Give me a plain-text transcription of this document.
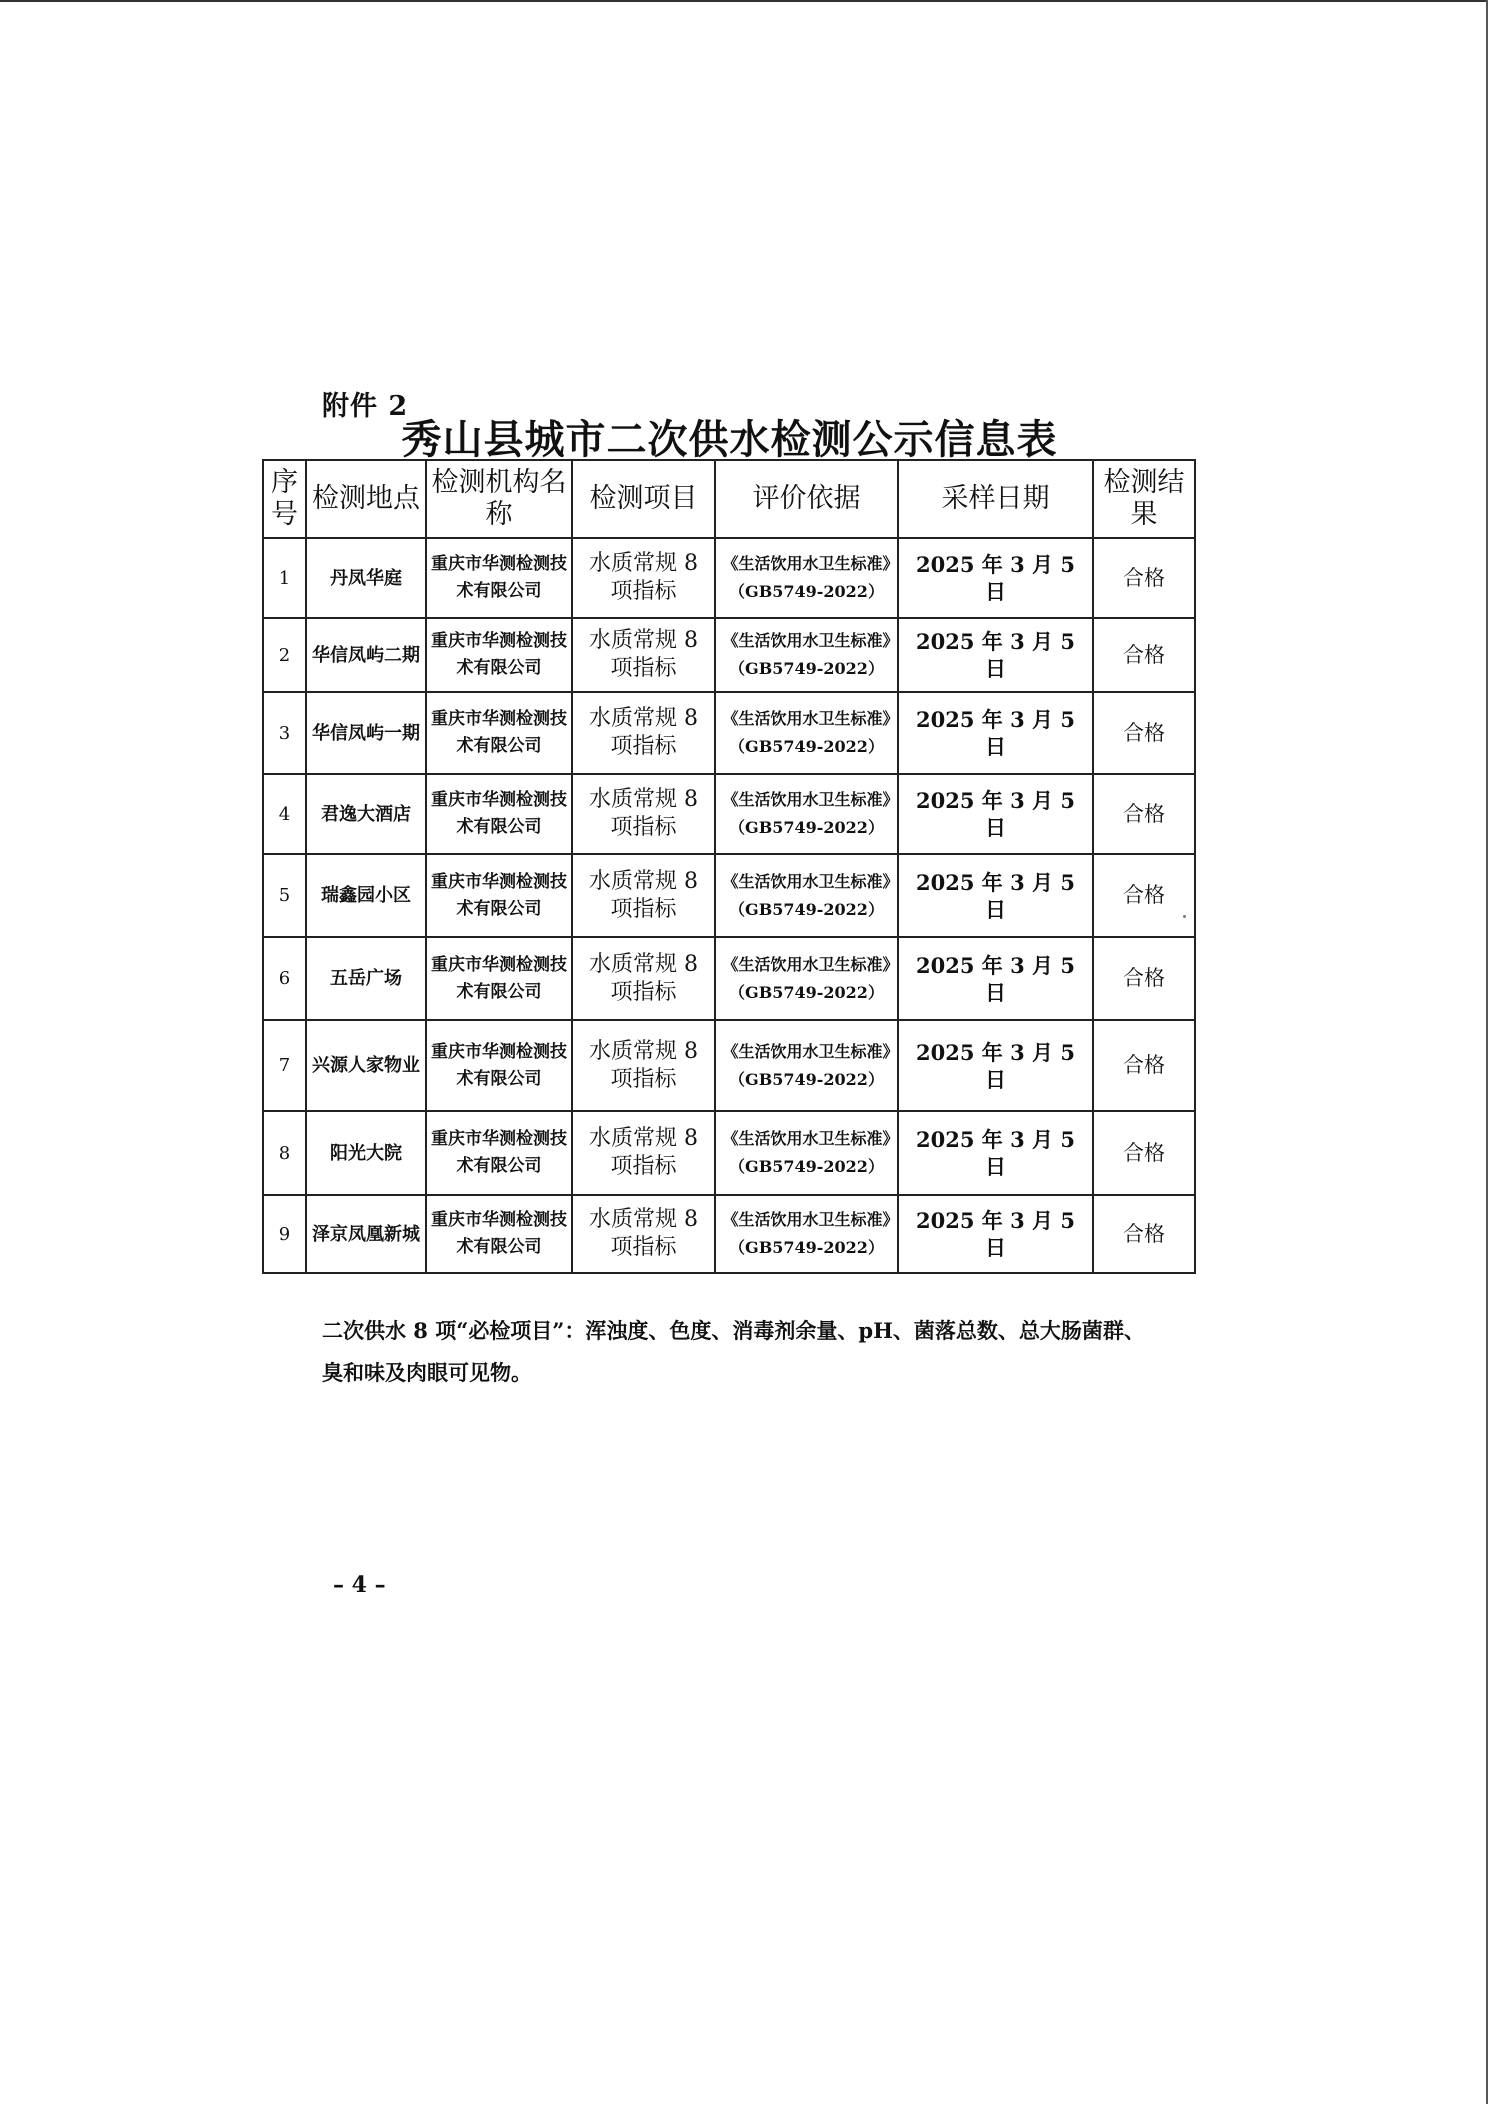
附件 2
秀山县城市二次供水检测公示信息表
序号	检测地点	检测机构名称	检测项目	评价依据	采样日期	检测结果
1	丹凤华庭	重庆市华测检测技术有限公司	水质常规 8 项指标	《生活饮用水卫生标准》（GB5749-2022）	2025 年 3 月 5 日	合格
2	华信凤屿二期	重庆市华测检测技术有限公司	水质常规 8 项指标	《生活饮用水卫生标准》（GB5749-2022）	2025 年 3 月 5 日	合格
3	华信凤屿一期	重庆市华测检测技术有限公司	水质常规 8 项指标	《生活饮用水卫生标准》（GB5749-2022）	2025 年 3 月 5 日	合格
4	君逸大酒店	重庆市华测检测技术有限公司	水质常规 8 项指标	《生活饮用水卫生标准》（GB5749-2022）	2025 年 3 月 5 日	合格
5	瑞鑫园小区	重庆市华测检测技术有限公司	水质常规 8 项指标	《生活饮用水卫生标准》（GB5749-2022）	2025 年 3 月 5 日	合格
6	五岳广场	重庆市华测检测技术有限公司	水质常规 8 项指标	《生活饮用水卫生标准》（GB5749-2022）	2025 年 3 月 5 日	合格
7	兴源人家物业	重庆市华测检测技术有限公司	水质常规 8 项指标	《生活饮用水卫生标准》（GB5749-2022）	2025 年 3 月 5 日	合格
8	阳光大院	重庆市华测检测技术有限公司	水质常规 8 项指标	《生活饮用水卫生标准》（GB5749-2022）	2025 年 3 月 5 日	合格
9	泽京凤凰新城	重庆市华测检测技术有限公司	水质常规 8 项指标	《生活饮用水卫生标准》（GB5749-2022）	2025 年 3 月 5 日	合格
二次供水 8 项“必检项目”：浑浊度、色度、消毒剂余量、pH、菌落总数、总大肠菌群、臭和味及肉眼可见物。
– 4 –
